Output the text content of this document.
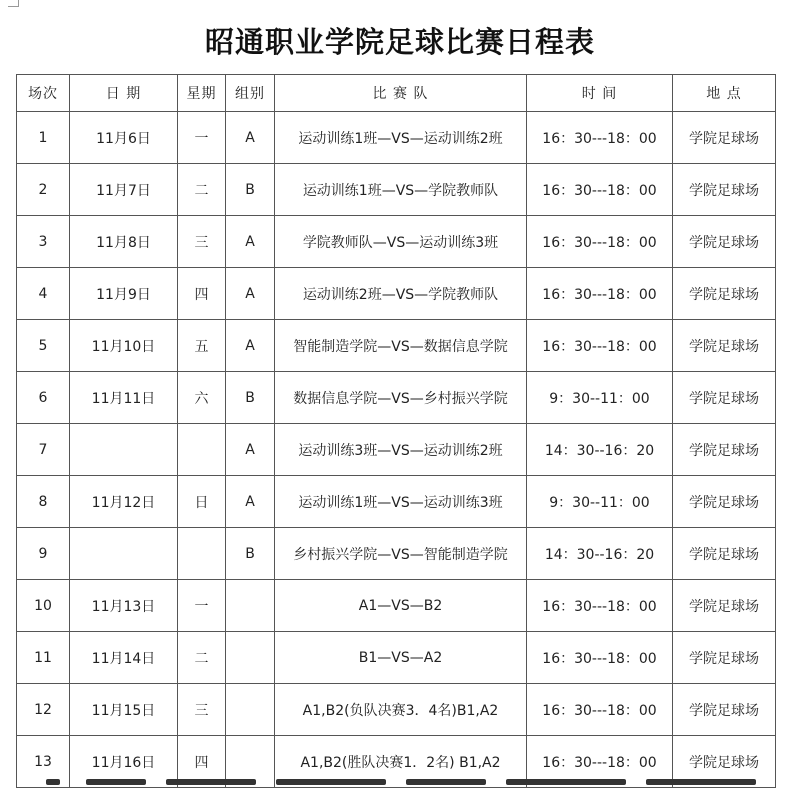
昭通职业学院足球比赛日程表
场次	日 期	星期	组别	比 赛 队	时 间	地 点
1	11月6日	一	A	运动训练1班—VS—运动训练2班	16：30---18：00	学院足球场
2	11月7日	二	B	运动训练1班—VS—学院教师队	16：30---18：00	学院足球场
3	11月8日	三	A	学院教师队—VS—运动训练3班	16：30---18：00	学院足球场
4	11月9日	四	A	运动训练2班—VS—学院教师队	16：30---18：00	学院足球场
5	11月10日	五	A	智能制造学院—VS—数据信息学院	16：30---18：00	学院足球场
6	11月11日	六	B	数据信息学院—VS—乡村振兴学院	9：30--11：00	学院足球场
7			A	运动训练3班—VS—运动训练2班	14：30--16：20	学院足球场
8	11月12日	日	A	运动训练1班—VS—运动训练3班	9：30--11：00	学院足球场
9			B	乡村振兴学院—VS—智能制造学院	14：30--16：20	学院足球场
10	11月13日	一		A1—VS—B2	16：30---18：00	学院足球场
11	11月14日	二		B1—VS—A2	16：30---18：00	学院足球场
12	11月15日	三		A1,B2(负队决赛3．4名)B1,A2	16：30---18：00	学院足球场
13	11月16日	四		A1,B2(胜队决赛1．2名) B1,A2	16：30---18：00	学院足球场
